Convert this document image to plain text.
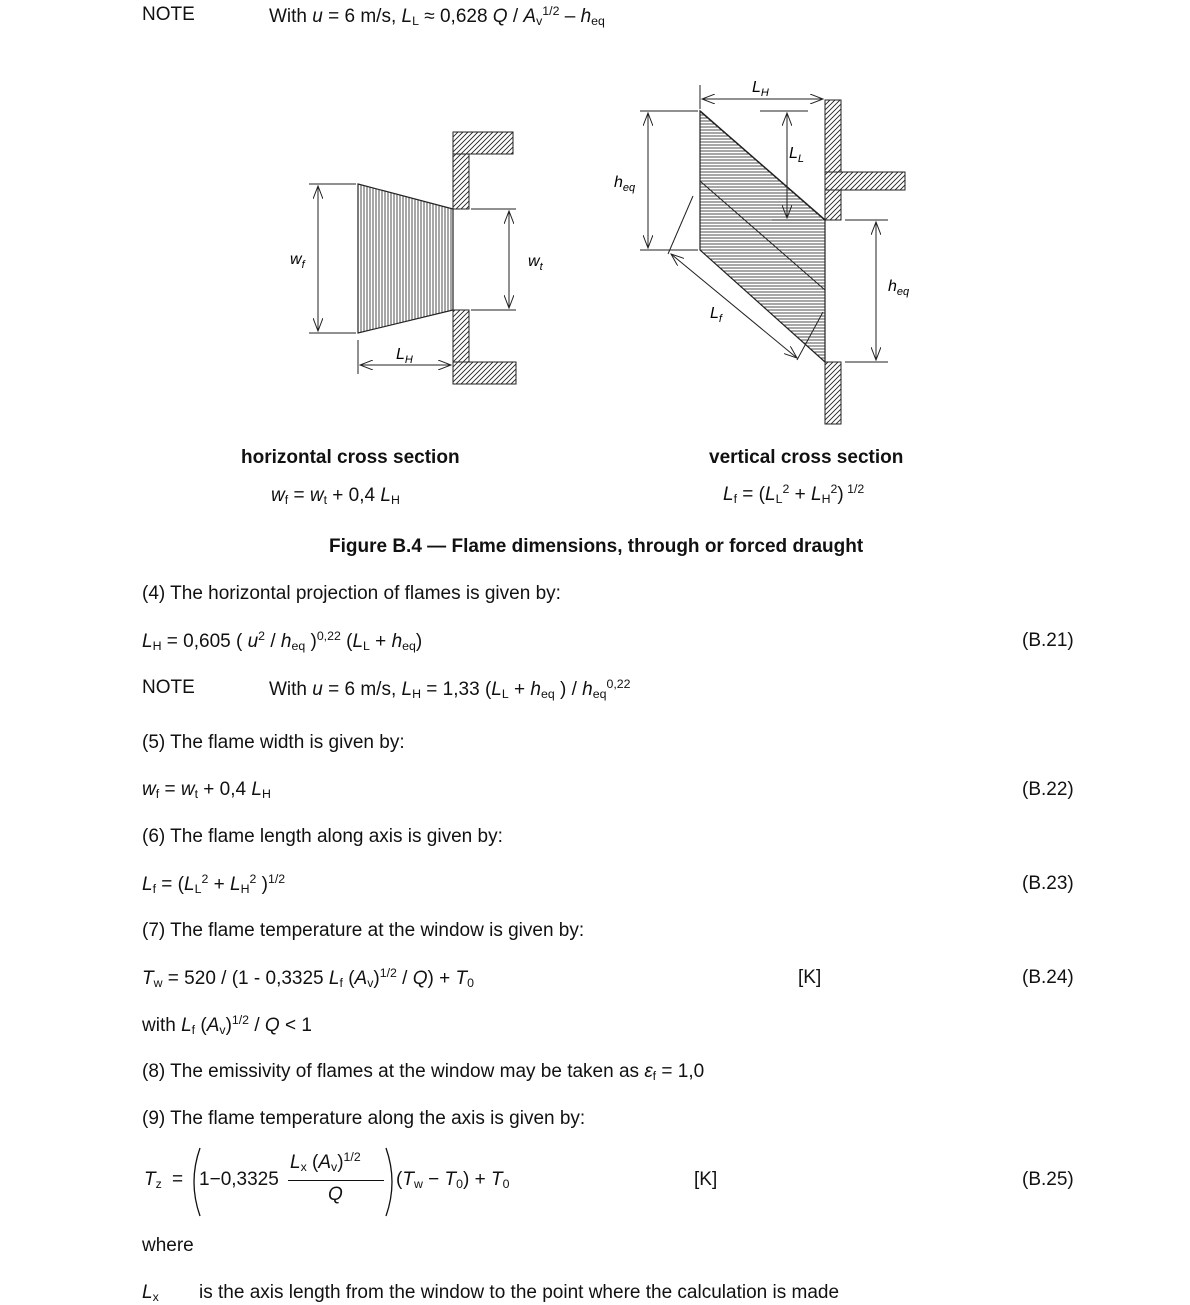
NOTE	With u = 6 m/s, $L_L \approx 0,628$ Q / $A_v^{1/2} - h_{eq}$
$w_f$	$w_t$
$L_H$
$L_H$
$L_L$
$h_{eq}$
$h_{eq}$
$L_f$
horizontal cross section	vertical cross section
$w_f = w_t + 0,4$ $L_H$	$L_f = (L_L^2 + L_H^2)$ $^{1/2}$
Figure B.4 — Flame dimensions, through or forced draught
(4) The horizontal projection of flames is given by:
$L_H = 0,605$ ( $u^2 / h_{eq}$ )$^{0,22}$ $(L_L + h_{eq})$	(B.21)
NOTE	With u = 6 m/s, $L_H = 1,33$ ($L_L + h_{eq}$ ) / $h_{eq}^{0,22}$
(5) The flame width is given by:
$w_f = w_t + 0,4$ $L_H$	(B.22)
(6) The flame length along axis is given by:
$L_f = (L_L^2 + L_H^2$ )$^{1/2}$	(B.23)
(7) The flame temperature at the window is given by:
$T_w = 520 / (1 - 0,3325$ $L_f$ $(A_v)^{1/2} / Q) + T_0$	[K]	(B.24)
with $L_f$ $(A_v)^{1/2} / Q < 1$
(8) The emissivity of flames at the window may be taken as $\varepsilon_f = 1,0$
(9) The flame temperature along the axis is given by:
$T_z = 1-0,3325$
$L_x$ $(A_v)^{1/2}$
Q
$(T_w - T_0) + T_0$	[K]	(B.25)
where
$L_x$ is the axis length from the window to the point where the calculation is made
